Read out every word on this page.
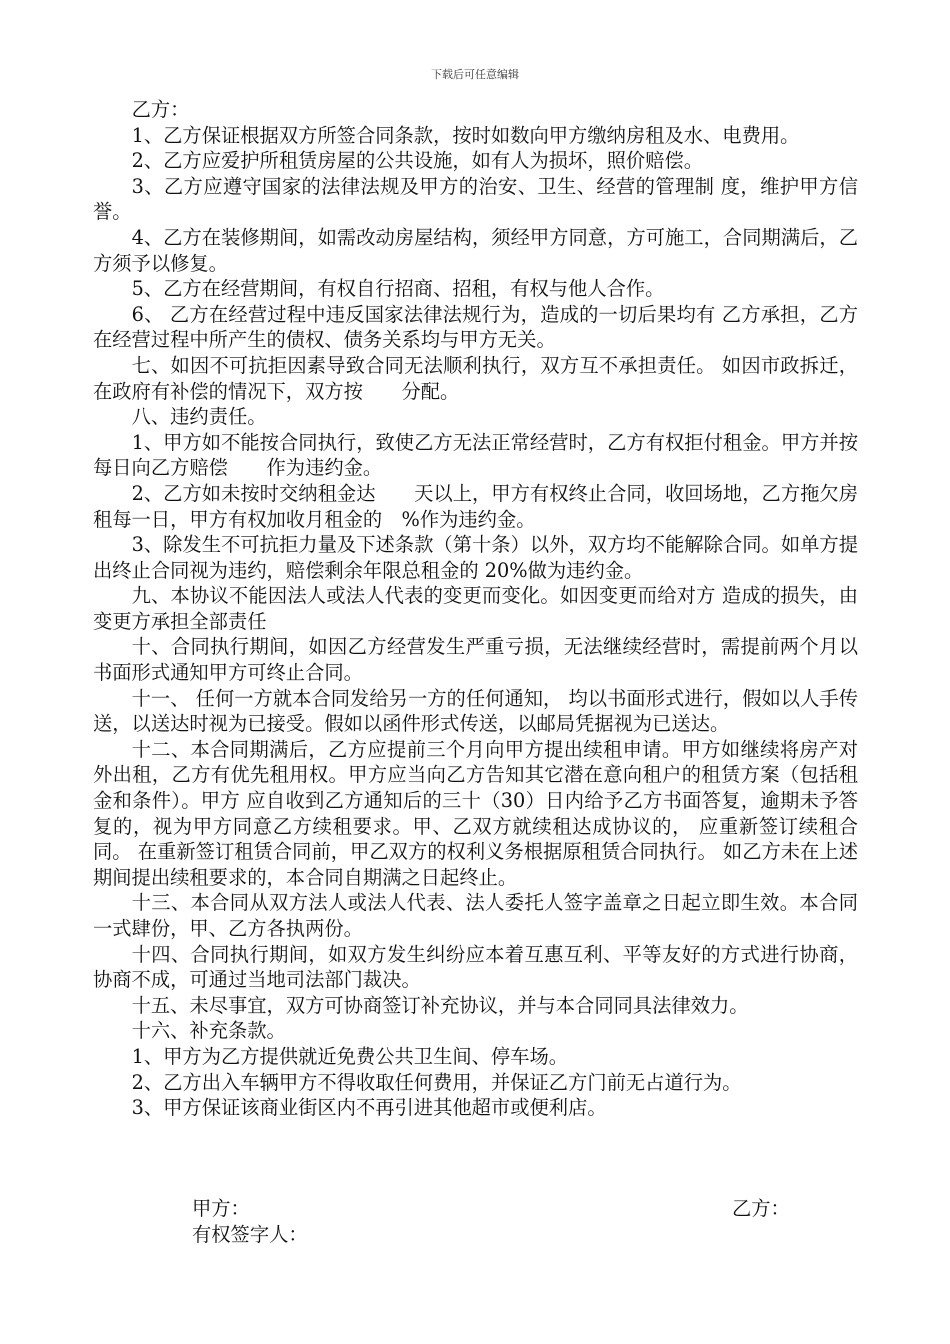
下载后可任意编辑

乙方：

1、乙方保证根据双方所签合同条款，按时如数向甲方缴纳房租及水、电费用。

2、乙方应爱护所租赁房屋的公共设施，如有人为损坏，照价赔偿。

3、乙方应遵守国家的法律法规及甲方的治安、卫生、经营的管理制 度，维护甲方信誉。

4、乙方在装修期间，如需改动房屋结构，须经甲方同意，方可施工，合同期满后，乙方须予以修复。

5、乙方在经营期间，有权自行招商、招租，有权与他人合作。

6、 乙方在经营过程中违反国家法律法规行为，造成的一切后果均有 乙方承担，乙方在经营过程中所产生的债权、债务关系均与甲方无关。

七、如因不可抗拒因素导致合同无法顺利执行，双方互不承担责任。 如因市政拆迁，在政府有补偿的情况下，双方按　　分配。

八、违约责任。

1、甲方如不能按合同执行，致使乙方无法正常经营时，乙方有权拒付租金。甲方并按每日向乙方赔偿　　作为违约金。

2、乙方如未按时交纳租金达　　天以上，甲方有权终止合同，收回场地，乙方拖欠房租每一日，甲方有权加收月租金的　%作为违约金。

3、除发生不可抗拒力量及下述条款（第十条）以外，双方均不能解除合同。如单方提出终止合同视为违约，赔偿剩余年限总租金的 20%做为违约金。

九、本协议不能因法人或法人代表的变更而变化。如因变更而给对方 造成的损失，由变更方承担全部责任

十、合同执行期间，如因乙方经营发生严重亏损，无法继续经营时，需提前两个月以书面形式通知甲方可终止合同。

十一、 任何一方就本合同发给另一方的任何通知， 均以书面形式进行，假如以人手传送，以送达时视为已接受。假如以函件形式传送，以邮局凭据视为已送达。

十二、本合同期满后，乙方应提前三个月向甲方提出续租申请。甲方如继续将房产对外出租，乙方有优先租用权。甲方应当向乙方告知其它潜在意向租户的租赁方案（包括租金和条件）。甲方 应自收到乙方通知后的三十（30）日内给予乙方书面答复，逾期未予答复的，视为甲方同意乙方续租要求。甲、乙双方就续租达成协议的， 应重新签订续租合同。 在重新签订租赁合同前，甲乙双方的权利义务根据原租赁合同执行。 如乙方未在上述期间提出续租要求的，本合同自期满之日起终止。

十三、本合同从双方法人或法人代表、法人委托人签字盖章之日起立即生效。本合同一式肆份，甲、乙方各执两份。

十四、合同执行期间，如双方发生纠纷应本着互惠互利、平等友好的方式进行协商，协商不成，可通过当地司法部门裁决。

十五、未尽事宜，双方可协商签订补充协议，并与本合同同具法律效力。

十六、补充条款。

1、甲方为乙方提供就近免费公共卫生间、停车场。

2、乙方出入车辆甲方不得收取任何费用，并保证乙方门前无占道行为。

3、甲方保证该商业街区内不再引进其他超市或便利店。

甲方：	乙方：
有权签字人：
